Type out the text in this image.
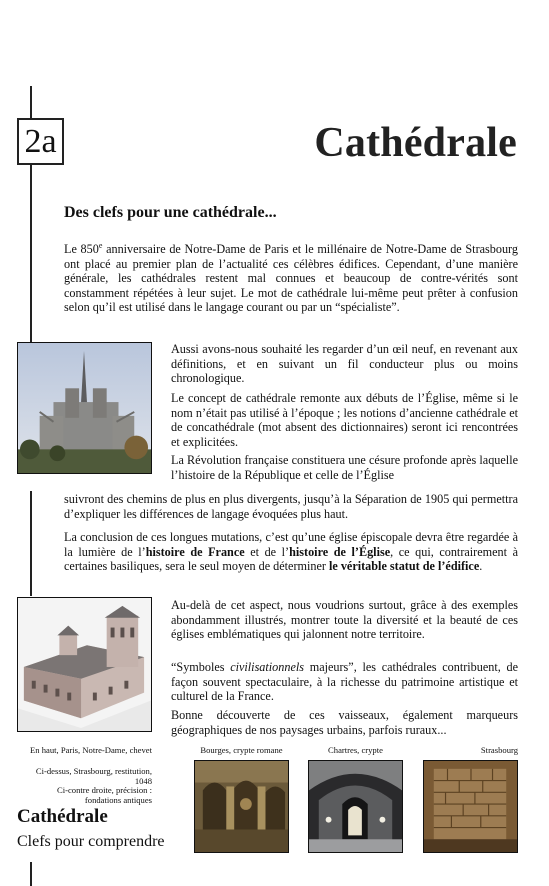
2a	Cathédrale
Des clefs pour une cathédrale...

Le 850e anniversaire de Notre-Dame de Paris et le millénaire de Notre-Dame de Strasbourg ont placé au premier plan de l’actualité ces célèbres édifices. Cependant, d’une manière générale, les cathédrales restent mal connues et beaucoup de contre-vérités sont constamment répétées à leur sujet. Le mot de cathédrale lui-même peut prêter à confusion selon qu’il est utilisé dans le langage courant ou par un “spécialiste”.

Aussi avons-nous souhaité les regarder d’un œil neuf, en revenant aux définitions, et en suivant un fil conducteur plus ou moins chronologique.

Le concept de cathédrale remonte aux débuts de l’Église, même si le nom n’était pas utilisé à l’époque ; les notions d’ancienne cathédrale et de concathédrale (mot absent des dictionnaires) seront ici rencontrées et explicitées.

La Révolution française constituera une césure profonde après laquelle l’histoire de la République et celle de l’Église

suivront des chemins de plus en plus divergents, jusqu’à la Séparation de 1905 qui permettra d’expliquer les différences de langage évoquées plus haut.

La conclusion de ces longues mutations, c’est qu’une église épiscopale devra être regardée à la lumière de l’histoire de France et de l’histoire de l’Église, ce qui, contrairement à certaines basiliques, sera le seul moyen de déterminer le véritable statut de l’édifice.

Au-delà de cet aspect, nous voudrions surtout, grâce à des exemples abondamment illustrés, montrer toute la diversité et la beauté de ces églises emblématiques qui jalonnent notre territoire.

“Symboles civilisationnels majeurs”, les cathédrales contribuent, de façon souvent spectaculaire, à la richesse du patrimoine artistique et culturel de la France.

Bonne découverte de ces vaisseaux, également marqueurs géographiques de nos paysages urbains, parfois ruraux...

En haut, Paris, Notre-Dame, chevet
Ci-dessus, Strasbourg, restitution, 1048
Ci-contre droite, précision : fondations antiques
Bourges, crypte romane	Chartres, crypte	Strasbourg
Cathédrale
Clefs pour comprendre
